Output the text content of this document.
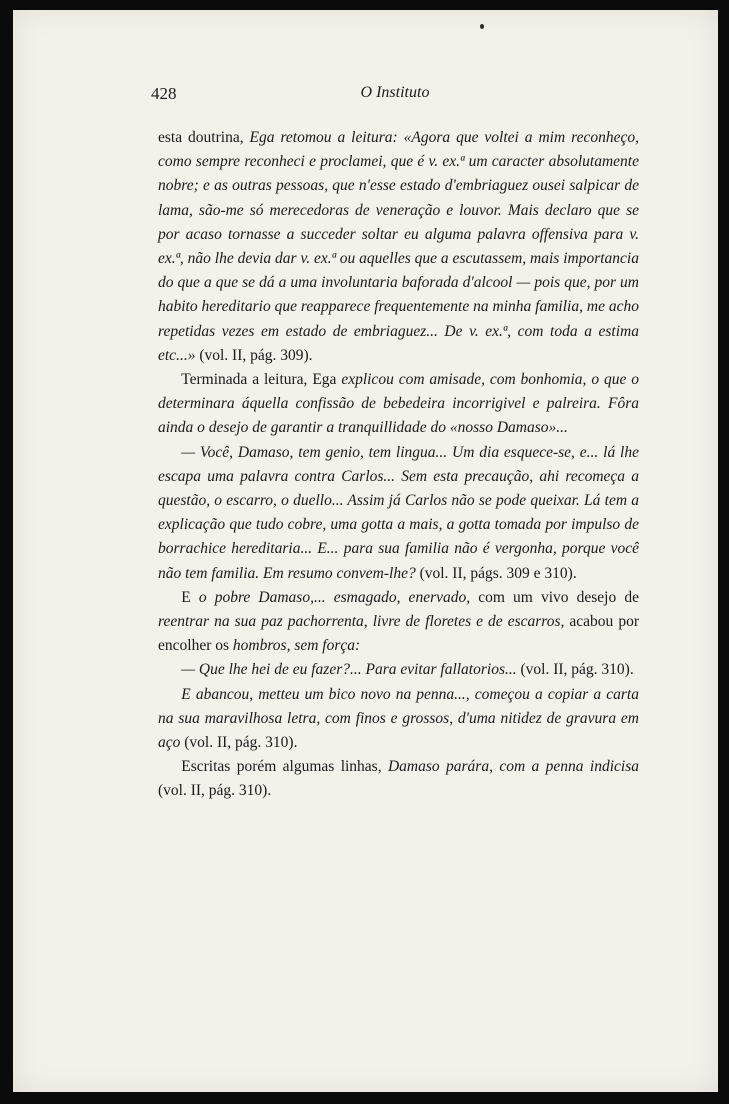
428	O Instituto

esta doutrina, Ega retomou a leitura: «Agora que voltei a mim reconheço, como sempre reconheci e proclamei, que é v. ex.ª um caracter absolutamente nobre; e as outras pessoas, que n'esse estado d'embriaguez ousei salpicar de lama, são-me só merecedoras de veneração e louvor. Mais declaro que se por acaso tornasse a succeder soltar eu alguma palavra offensiva para v. ex.ª, não lhe devia dar v. ex.ª ou aquelles que a escutassem, mais importancia do que a que se dá a uma involuntaria baforada d'alcool — pois que, por um habito hereditario que reapparece frequentemente na minha familia, me acho repetidas vezes em estado de embriaguez... De v. ex.ª, com toda a estima etc...» (vol. II, pág. 309).

Terminada a leitura, Ega explicou com amisade, com bonhomia, o que o determinara áquella confissão de bebedeira incorrigivel e palreira. Fôra ainda o desejo de garantir a tranquillidade do «nosso Damaso»...

— Você, Damaso, tem genio, tem lingua... Um dia esquece-se, e... lá lhe escapa uma palavra contra Carlos... Sem esta precaução, ahi recomeça a questão, o escarro, o duello... Assim já Carlos não se pode queixar. Lá tem a explicação que tudo cobre, uma gotta a mais, a gotta tomada por impulso de borrachice hereditaria... E... para sua familia não é vergonha, porque você não tem familia. Em resumo convem-lhe? (vol. II, págs. 309 e 310).

E o pobre Damaso,... esmagado, enervado, com um vivo desejo de reentrar na sua paz pachorrenta, livre de floretes e de escarros, acabou por encolher os hombros, sem força:

— Que lhe hei de eu fazer?... Para evitar fallatorios... (vol. II, pág. 310).

E abancou, metteu um bico novo na penna..., começou a copiar a carta na sua maravilhosa letra, com finos e grossos, d'uma nitidez de gravura em aço (vol. II, pág. 310).

Escritas porém algumas linhas, Damaso parára, com a penna indicisa (vol. II, pág. 310).
